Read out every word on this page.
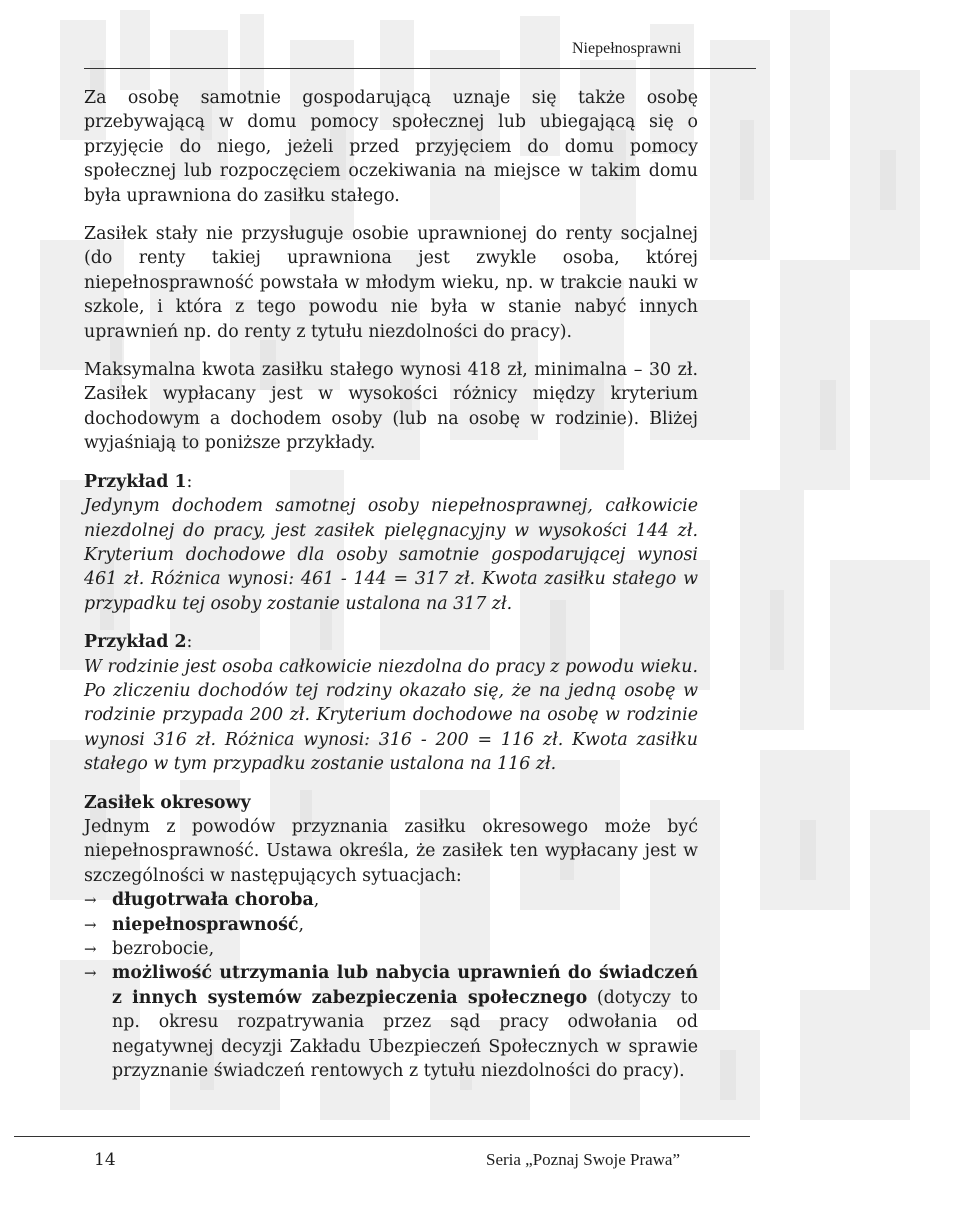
Niepełnosprawni

Za osobę samotnie gospodarującą uznaje się także osobę przebywającą w domu pomocy społecznej lub ubiegającą się o przyjęcie do niego, jeżeli przed przyjęciem do domu pomocy społecznej lub rozpoczęciem oczekiwania na miejsce w takim domu była uprawniona do zasiłku stałego.

Zasiłek stały nie przysługuje osobie uprawnionej do renty socjalnej (do renty takiej uprawniona jest zwykle osoba, której niepełnosprawność powstała w młodym wieku, np. w trakcie nauki w szkole, i która z tego powodu nie była w stanie nabyć innych uprawnień np. do renty z tytułu niezdolności do pracy).

Maksymalna kwota zasiłku stałego wynosi 418 zł, minimalna – 30 zł. Zasiłek wypłacany jest w wysokości różnicy między kryterium dochodowym a dochodem osoby (lub na osobę w rodzinie). Bliżej wyjaśniają to poniższe przykłady.

Przykład 1:

Jedynym dochodem samotnej osoby niepełnosprawnej, całkowicie niezdolnej do pracy, jest zasiłek pielęgnacyjny w wysokości 144 zł. Kryterium dochodowe dla osoby samotnie gospodarującej wynosi 461 zł. Różnica wynosi: 461 - 144 = 317 zł. Kwota zasiłku stałego w przypadku tej osoby zostanie ustalona na 317 zł.

Przykład 2:

W rodzinie jest osoba całkowicie niezdolna do pracy z powodu wieku. Po zliczeniu dochodów tej rodziny okazało się, że na jedną osobę w rodzinie przypada 200 zł. Kryterium dochodowe na osobę w rodzinie wynosi 316 zł. Różnica wynosi: 316 - 200 = 116 zł. Kwota zasiłku stałego w tym przypadku zostanie ustalona na 116 zł.

Zasiłek okresowy

Jednym z powodów przyznania zasiłku okresowego może być niepełnosprawność. Ustawa określa, że zasiłek ten wypłacany jest w szczególności w następujących sytuacjach:

→ długotrwała choroba,
→ niepełnosprawność,
→ bezrobocie,
→ możliwość utrzymania lub nabycia uprawnień do świadczeń z innych systemów zabezpieczenia społecznego (dotyczy to np. okresu rozpatrywania przez sąd pracy odwołania od negatywnej decyzji Zakładu Ubezpieczeń Społecznych w sprawie przyznanie świadczeń rentowych z tytułu niezdolności do pracy).
14	Seria „Poznaj Swoje Prawa”
